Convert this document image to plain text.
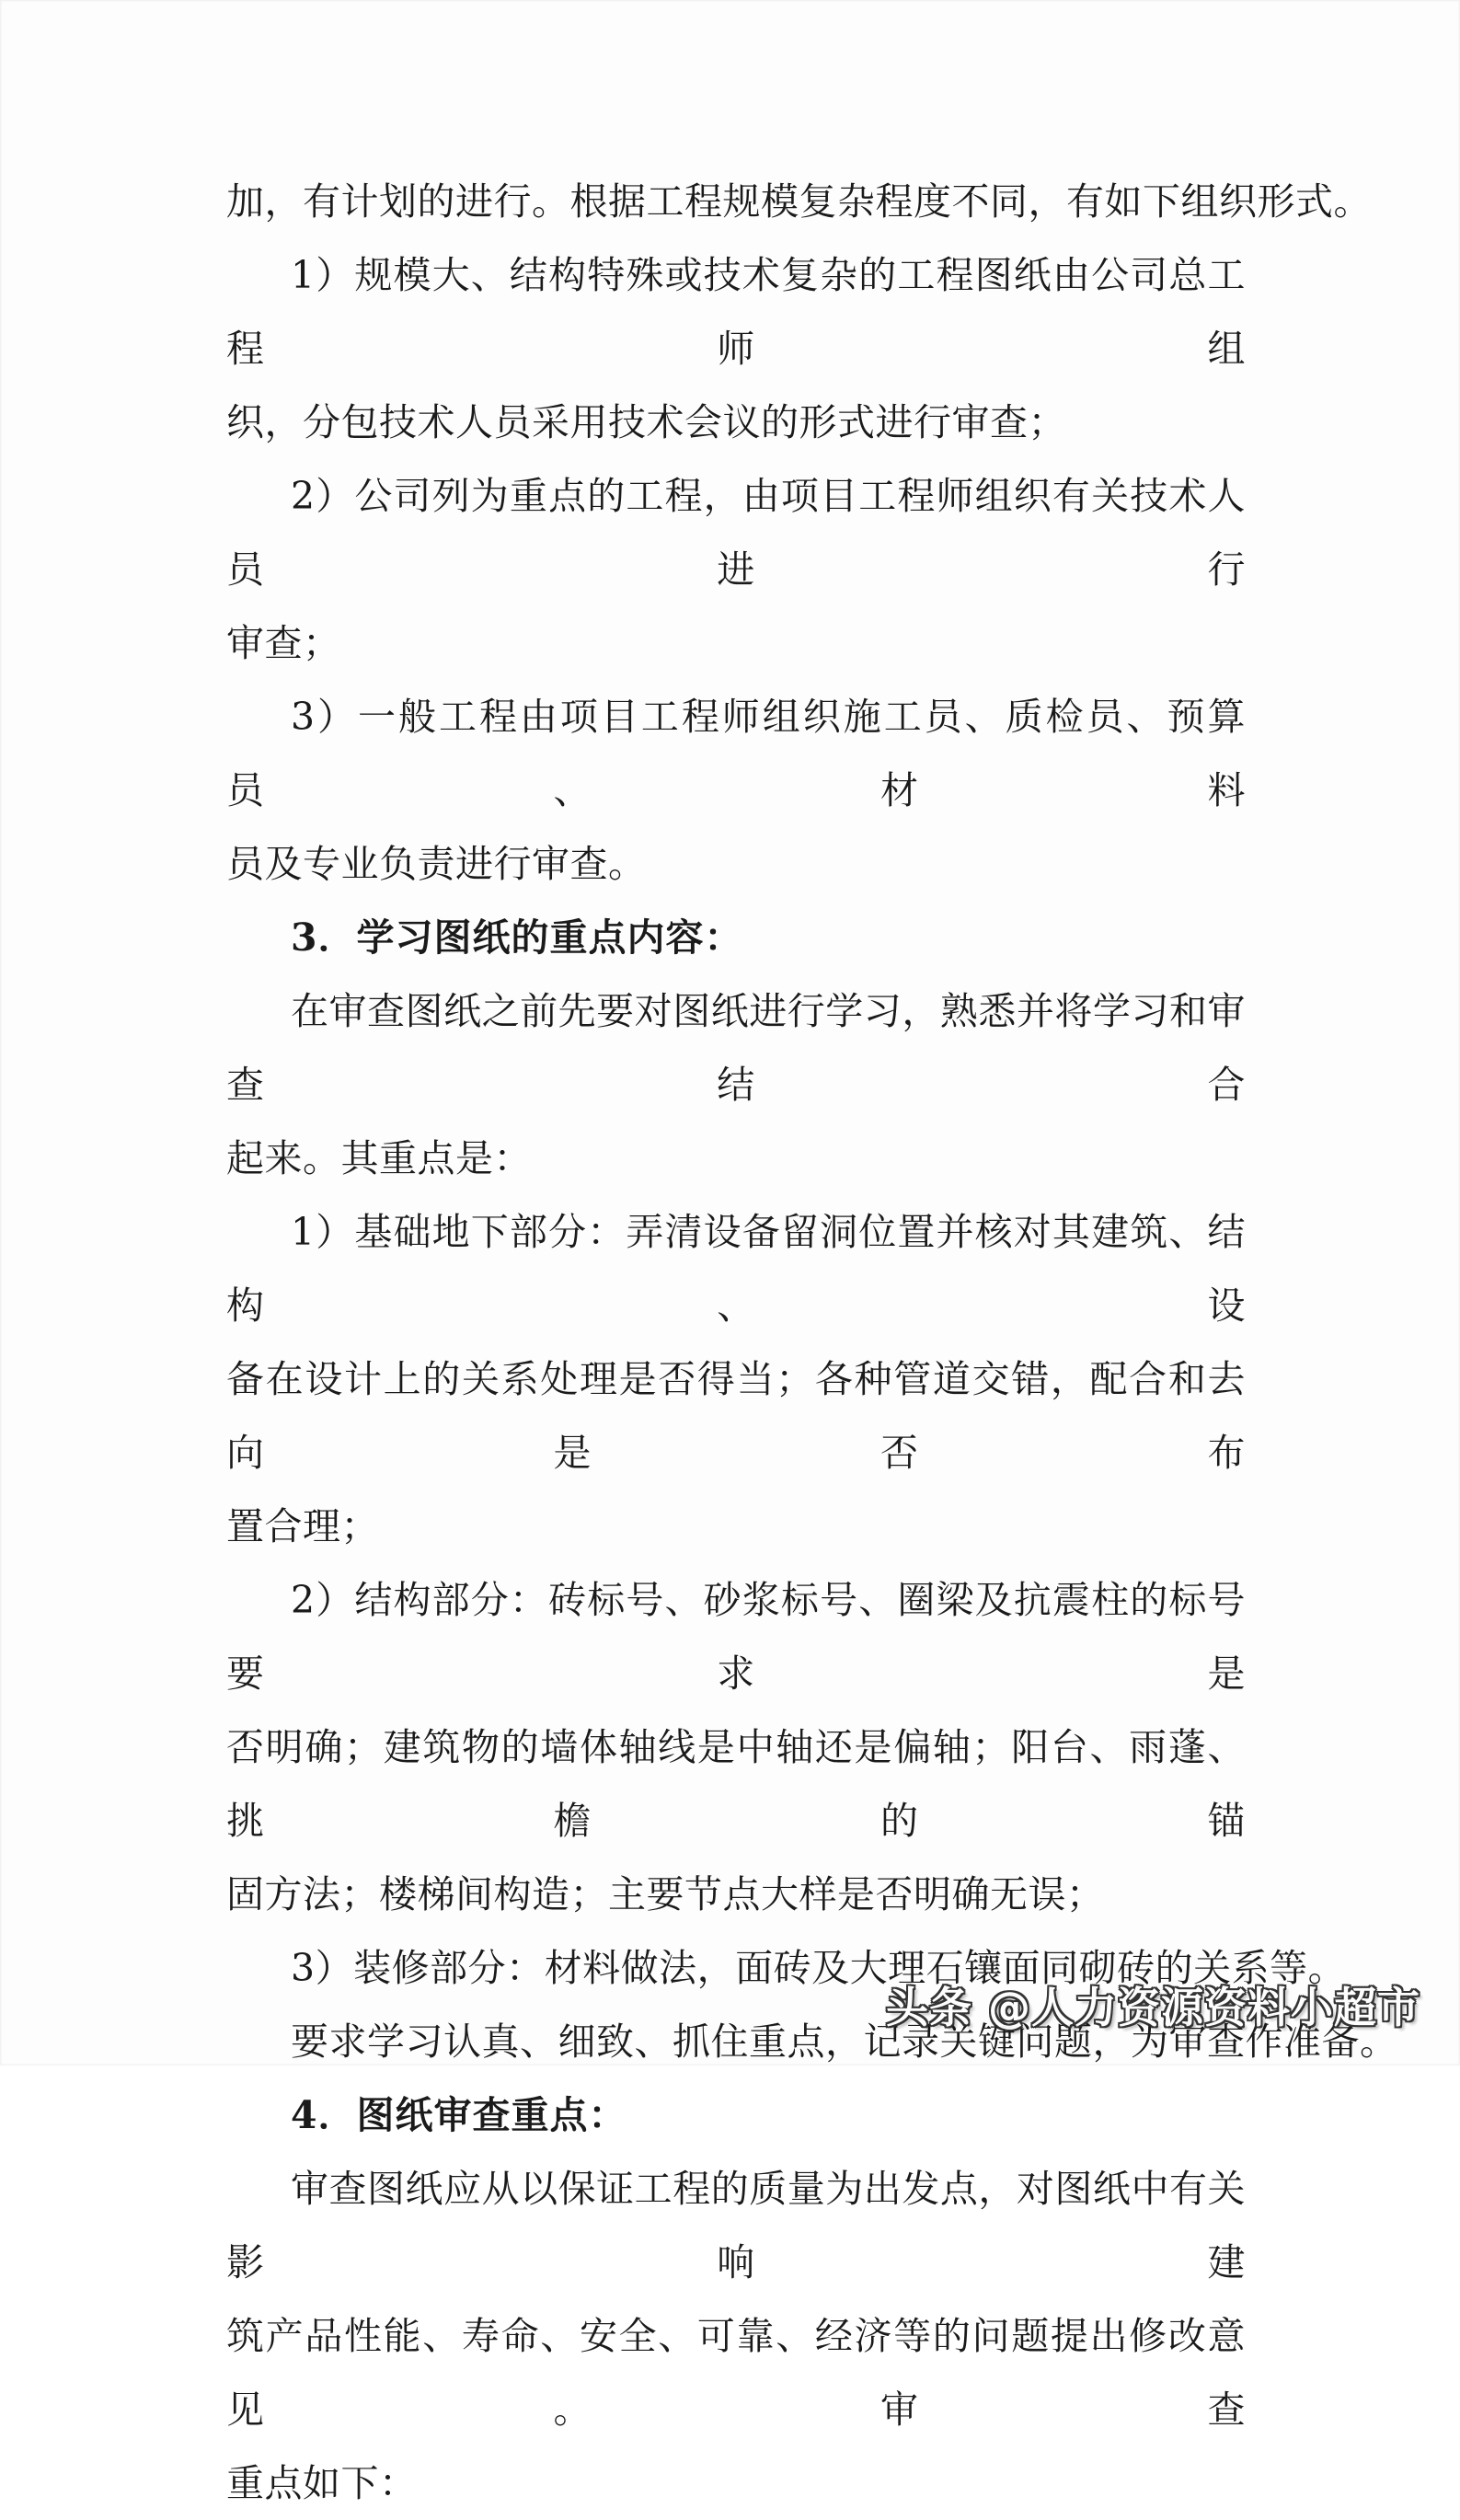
加，有计划的进行。根据工程规模复杂程度不同，有如下组织形式。
1）规模大、结构特殊或技术复杂的工程图纸由公司总工程师组
织，分包技术人员采用技术会议的形式进行审查；
2）公司列为重点的工程，由项目工程师组织有关技术人员进行
审查；
3）一般工程由项目工程师组织施工员、质检员、预算员、材料
员及专业负责进行审查。
3．学习图纸的重点内容：
在审查图纸之前先要对图纸进行学习，熟悉并将学习和审查结合
起来。其重点是：
1）基础地下部分：弄清设备留洞位置并核对其建筑、结构、设
备在设计上的关系处理是否得当；各种管道交错，配合和去向是否布
置合理；
2）结构部分：砖标号、砂浆标号、圈梁及抗震柱的标号要求是
否明确；建筑物的墙体轴线是中轴还是偏轴；阳台、雨蓬、挑檐的锚
固方法；楼梯间构造；主要节点大样是否明确无误；
3）装修部分：材料做法，面砖及大理石镶面同砌砖的关系等。
要求学习认真、细致、抓住重点，记录关键问题，为审查作准备。
4．图纸审查重点：
审查图纸应从以保证工程的质量为出发点，对图纸中有关影响建
筑产品性能、寿命、安全、可靠、经济等的问题提出修改意见。审查
重点如下：
头条 @人力资源资料小超市
